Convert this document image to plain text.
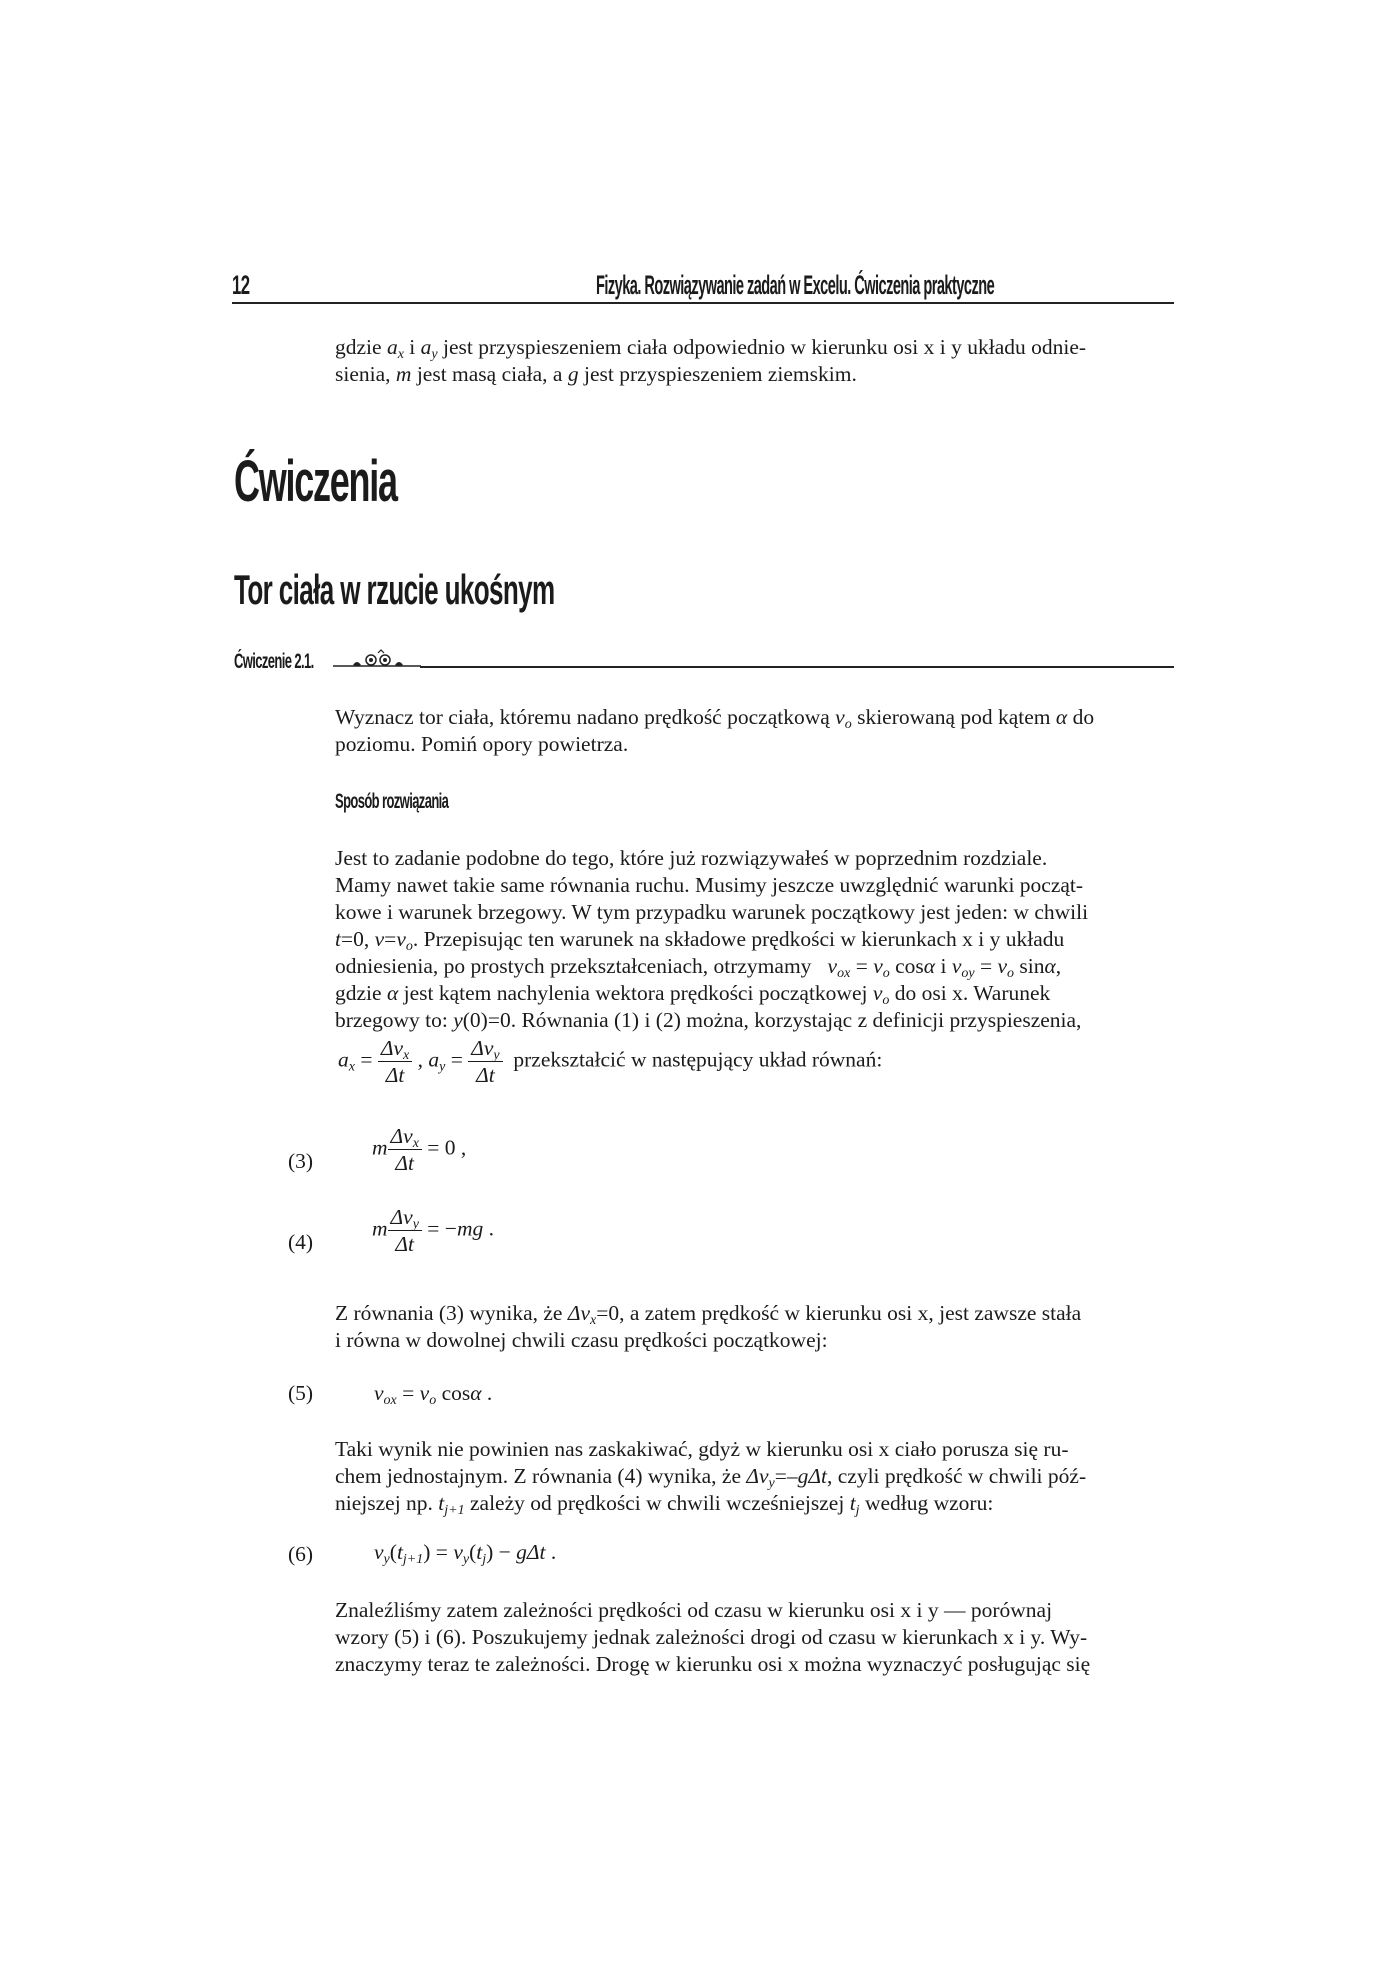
12	Fizyka. Rozwiązywanie zadań w Excelu. Ćwiczenia praktyczne
gdzie $a_x$ i $a_y$ jest przyspieszeniem ciała odpowiednio w kierunku osi x i y układu odnie-
sienia, m jest masą ciała, a g jest przyspieszeniem ziemskim.
Ćwiczenia
Tor ciała w rzucie ukośnym
Ćwiczenie 2.1.
Wyznacz tor ciała, któremu nadano prędkość początkową $v_o$ skierowaną pod kątem α do
poziomu. Pomiń opory powietrza.
Sposób rozwiązania
Jest to zadanie podobne do tego, które już rozwiązywałeś w poprzednim rozdziale.
Mamy nawet takie same równania ruchu. Musimy jeszcze uwzględnić warunki począt-
kowe i warunek brzegowy. W tym przypadku warunek początkowy jest jeden: w chwili
t=0, $v=v_o$. Przepisując ten warunek na składowe prędkości w kierunkach x i y układu
odniesienia, po prostych przekształceniach, otrzymamy $v_{ox} = v_o$ cosα i $v_{oy} = v_o$ sinα,
gdzie α jest kątem nachylenia wektora prędkości początkowej $v_o$ do osi x. Warunek
brzegowy to: y(0)=0. Równania (1) i (2) można, korzystając z definicji przyspieszenia,
$a_x = \frac{\Delta v_x}{\Delta t}$ , $a_y = \frac{\Delta v_y}{\Delta t}$ przekształcić w następujący układ równań:
(3)
m $\frac{\Delta v_x}{\Delta t} = 0$ ,
(4)
m $\frac{\Delta v_y}{\Delta t} = -mg$ .
Z równania (3) wynika, że $\Delta v_x=0$, a zatem prędkość w kierunku osi x, jest zawsze stała
i równa w dowolnej chwili czasu prędkości początkowej:
(5)	$v_{ox} = v_o$ cosα .
Taki wynik nie powinien nas zaskakiwać, gdyż w kierunku osi x ciało porusza się ru-
chem jednostajnym. Z równania (4) wynika, że $\Delta v_y=$–gΔt, czyli prędkość w chwili póź-
niejszej np. $t_{j+1}$ zależy od prędkości w chwili wcześniejszej $t_j$ według wzoru:
(6)	$v_y(t_{j+1}) = v_y(t_j) - g\Delta t$ .
Znaleźliśmy zatem zależności prędkości od czasu w kierunku osi x i y — porównaj
wzory (5) i (6). Poszukujemy jednak zależności drogi od czasu w kierunkach x i y. Wy-
znaczymy teraz te zależności. Drogę w kierunku osi x można wyznaczyć posługując się
